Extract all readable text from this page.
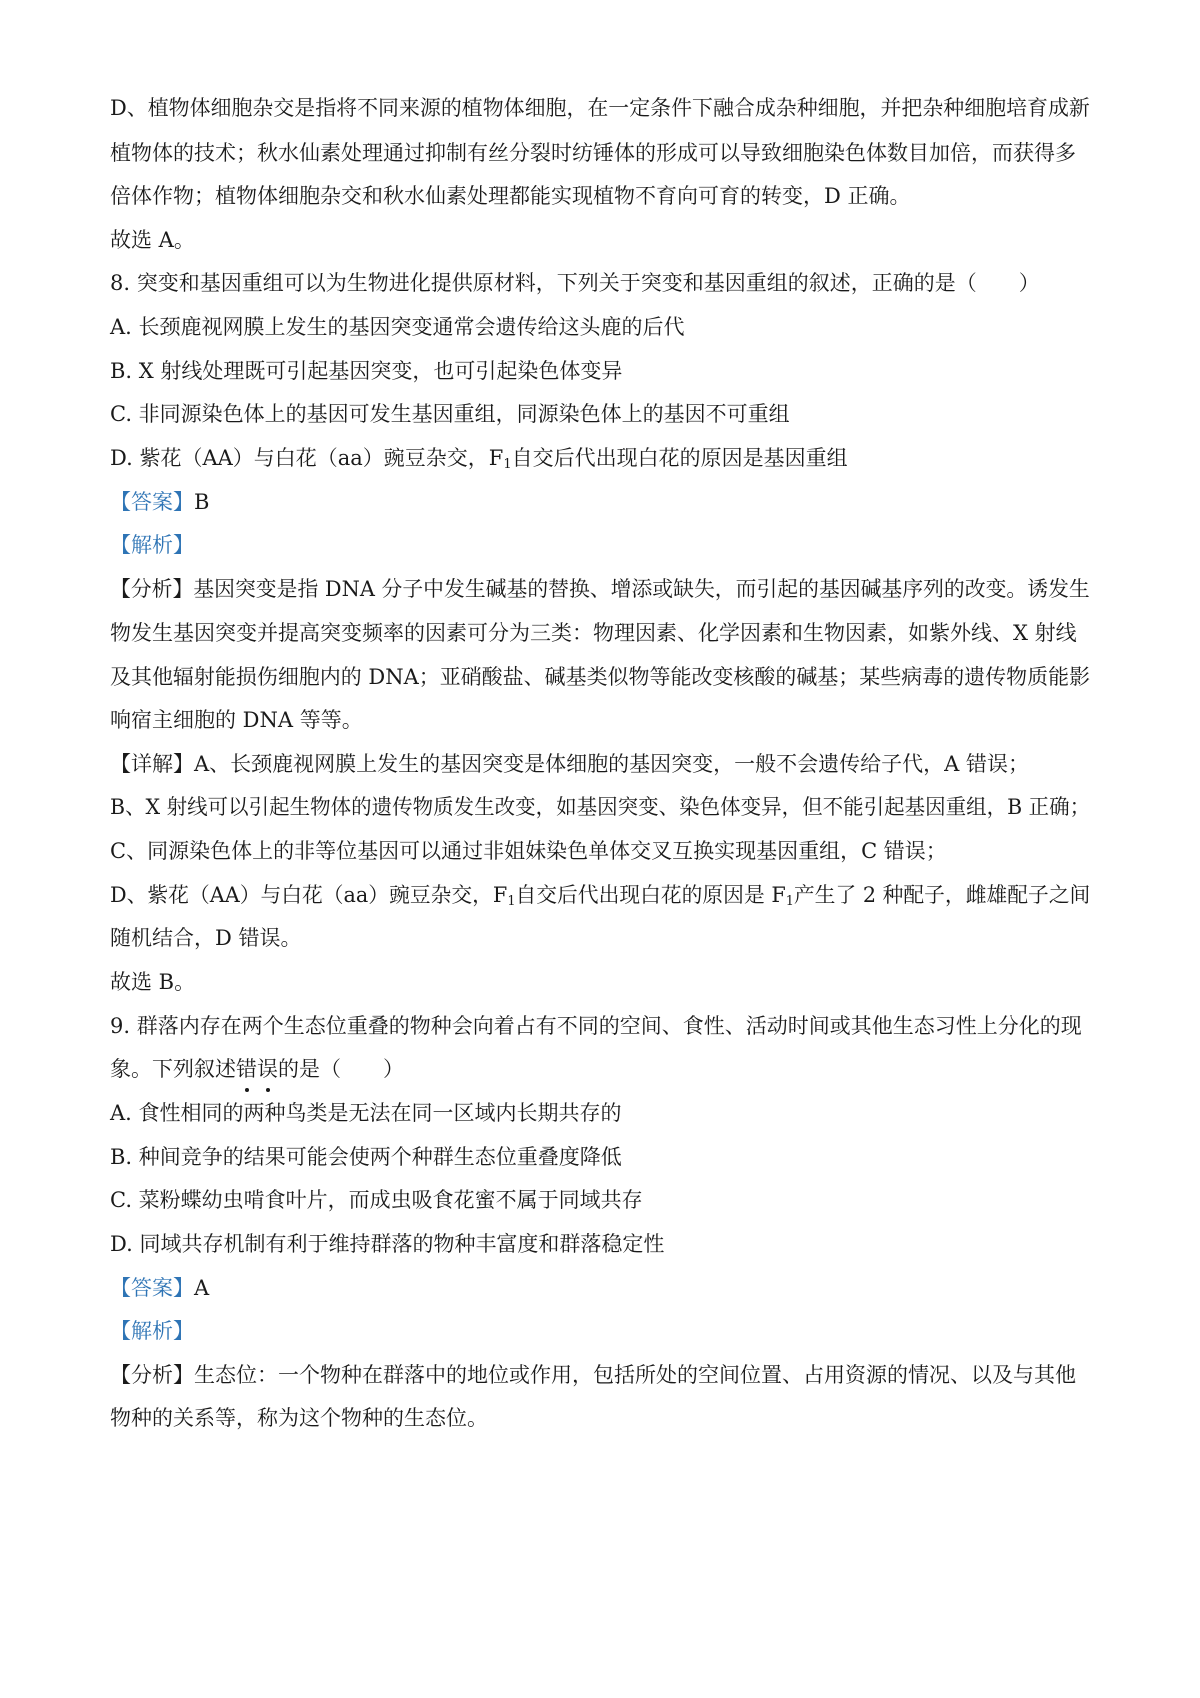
D、植物体细胞杂交是指将不同来源的植物体细胞，在一定条件下融合成杂种细胞，并把杂种细胞培育成新
植物体的技术；秋水仙素处理通过抑制有丝分裂时纺锤体的形成可以导致细胞染色体数目加倍，而获得多
倍体作物；植物体细胞杂交和秋水仙素处理都能实现植物不育向可育的转变，D 正确。
故选 A。
8. 突变和基因重组可以为生物进化提供原材料，下列关于突变和基因重组的叙述，正确的是（　　）
A. 长颈鹿视网膜上发生的基因突变通常会遗传给这头鹿的后代
B. X 射线处理既可引起基因突变，也可引起染色体变异
C. 非同源染色体上的基因可发生基因重组，同源染色体上的基因不可重组
D. 紫花（AA）与白花（aa）豌豆杂交，$F_1$自交后代出现白花的原因是基因重组
【答案】B
【解析】
【分析】基因突变是指 DNA 分子中发生碱基的替换、增添或缺失，而引起的基因碱基序列的改变。诱发生
物发生基因突变并提高突变频率的因素可分为三类：物理因素、化学因素和生物因素，如紫外线、X 射线
及其他辐射能损伤细胞内的 DNA；亚硝酸盐、碱基类似物等能改变核酸的碱基；某些病毒的遗传物质能影
响宿主细胞的 DNA 等等。
【详解】A、长颈鹿视网膜上发生的基因突变是体细胞的基因突变，一般不会遗传给子代，A 错误；
B、X 射线可以引起生物体的遗传物质发生改变，如基因突变、染色体变异，但不能引起基因重组，B 正确；
C、同源染色体上的非等位基因可以通过非姐妹染色单体交叉互换实现基因重组，C 错误；
D、紫花（AA）与白花（aa）豌豆杂交，$F_1$自交后代出现白花的原因是 $F_1$产生了 2 种配子，雌雄配子之间
随机结合，D 错误。
故选 B。
9. 群落内存在两个生态位重叠的物种会向着占有不同的空间、食性、活动时间或其他生态习性上分化的现
象。下列叙述错误的是（　　）
A. 食性相同的两种鸟类是无法在同一区域内长期共存的
B. 种间竞争的结果可能会使两个种群生态位重叠度降低
C. 菜粉蝶幼虫啃食叶片，而成虫吸食花蜜不属于同域共存
D. 同域共存机制有利于维持群落的物种丰富度和群落稳定性
【答案】A
【解析】
【分析】生态位：一个物种在群落中的地位或作用，包括所处的空间位置、占用资源的情况、以及与其他
物种的关系等，称为这个物种的生态位。
